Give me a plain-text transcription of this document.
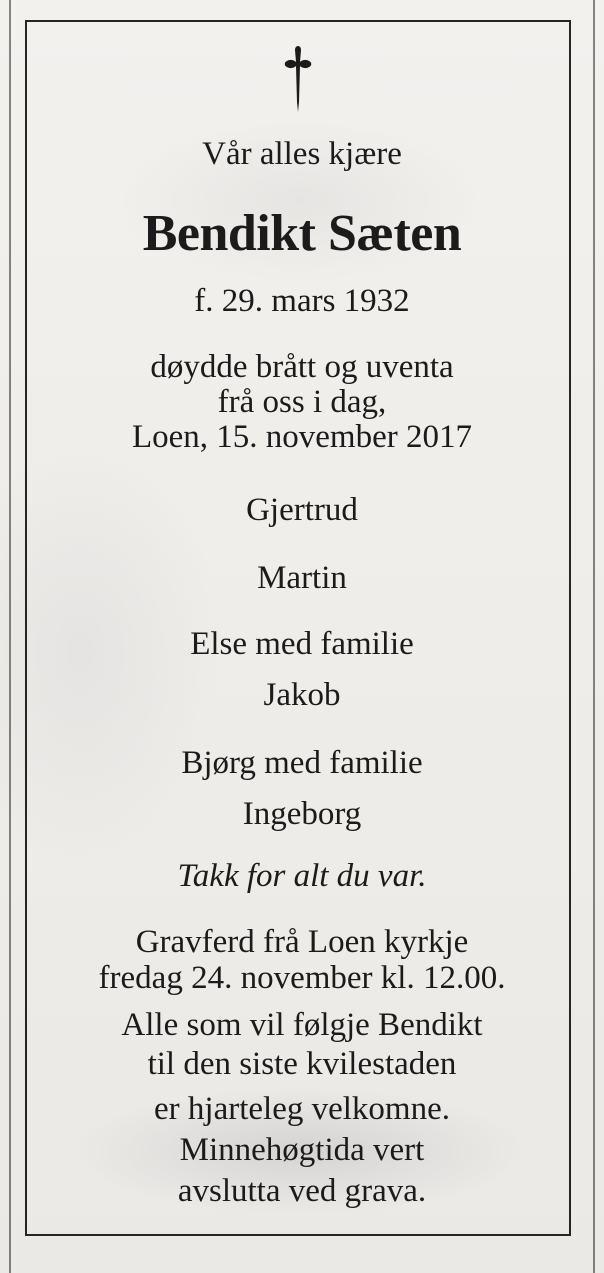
Vår alles kjære
Bendikt Sæten
f. 29. mars 1932
døydde brått og uventa
frå oss i dag,
Loen, 15. november 2017
Gjertrud
Martin
Else med familie
Jakob
Bjørg med familie
Ingeborg
Takk for alt du var.
Gravferd frå Loen kyrkje
fredag 24. november kl. 12.00.
Alle som vil følgje Bendikt
til den siste kvilestaden
er hjarteleg velkomne.
Minnehøgtida vert
avslutta ved grava.
